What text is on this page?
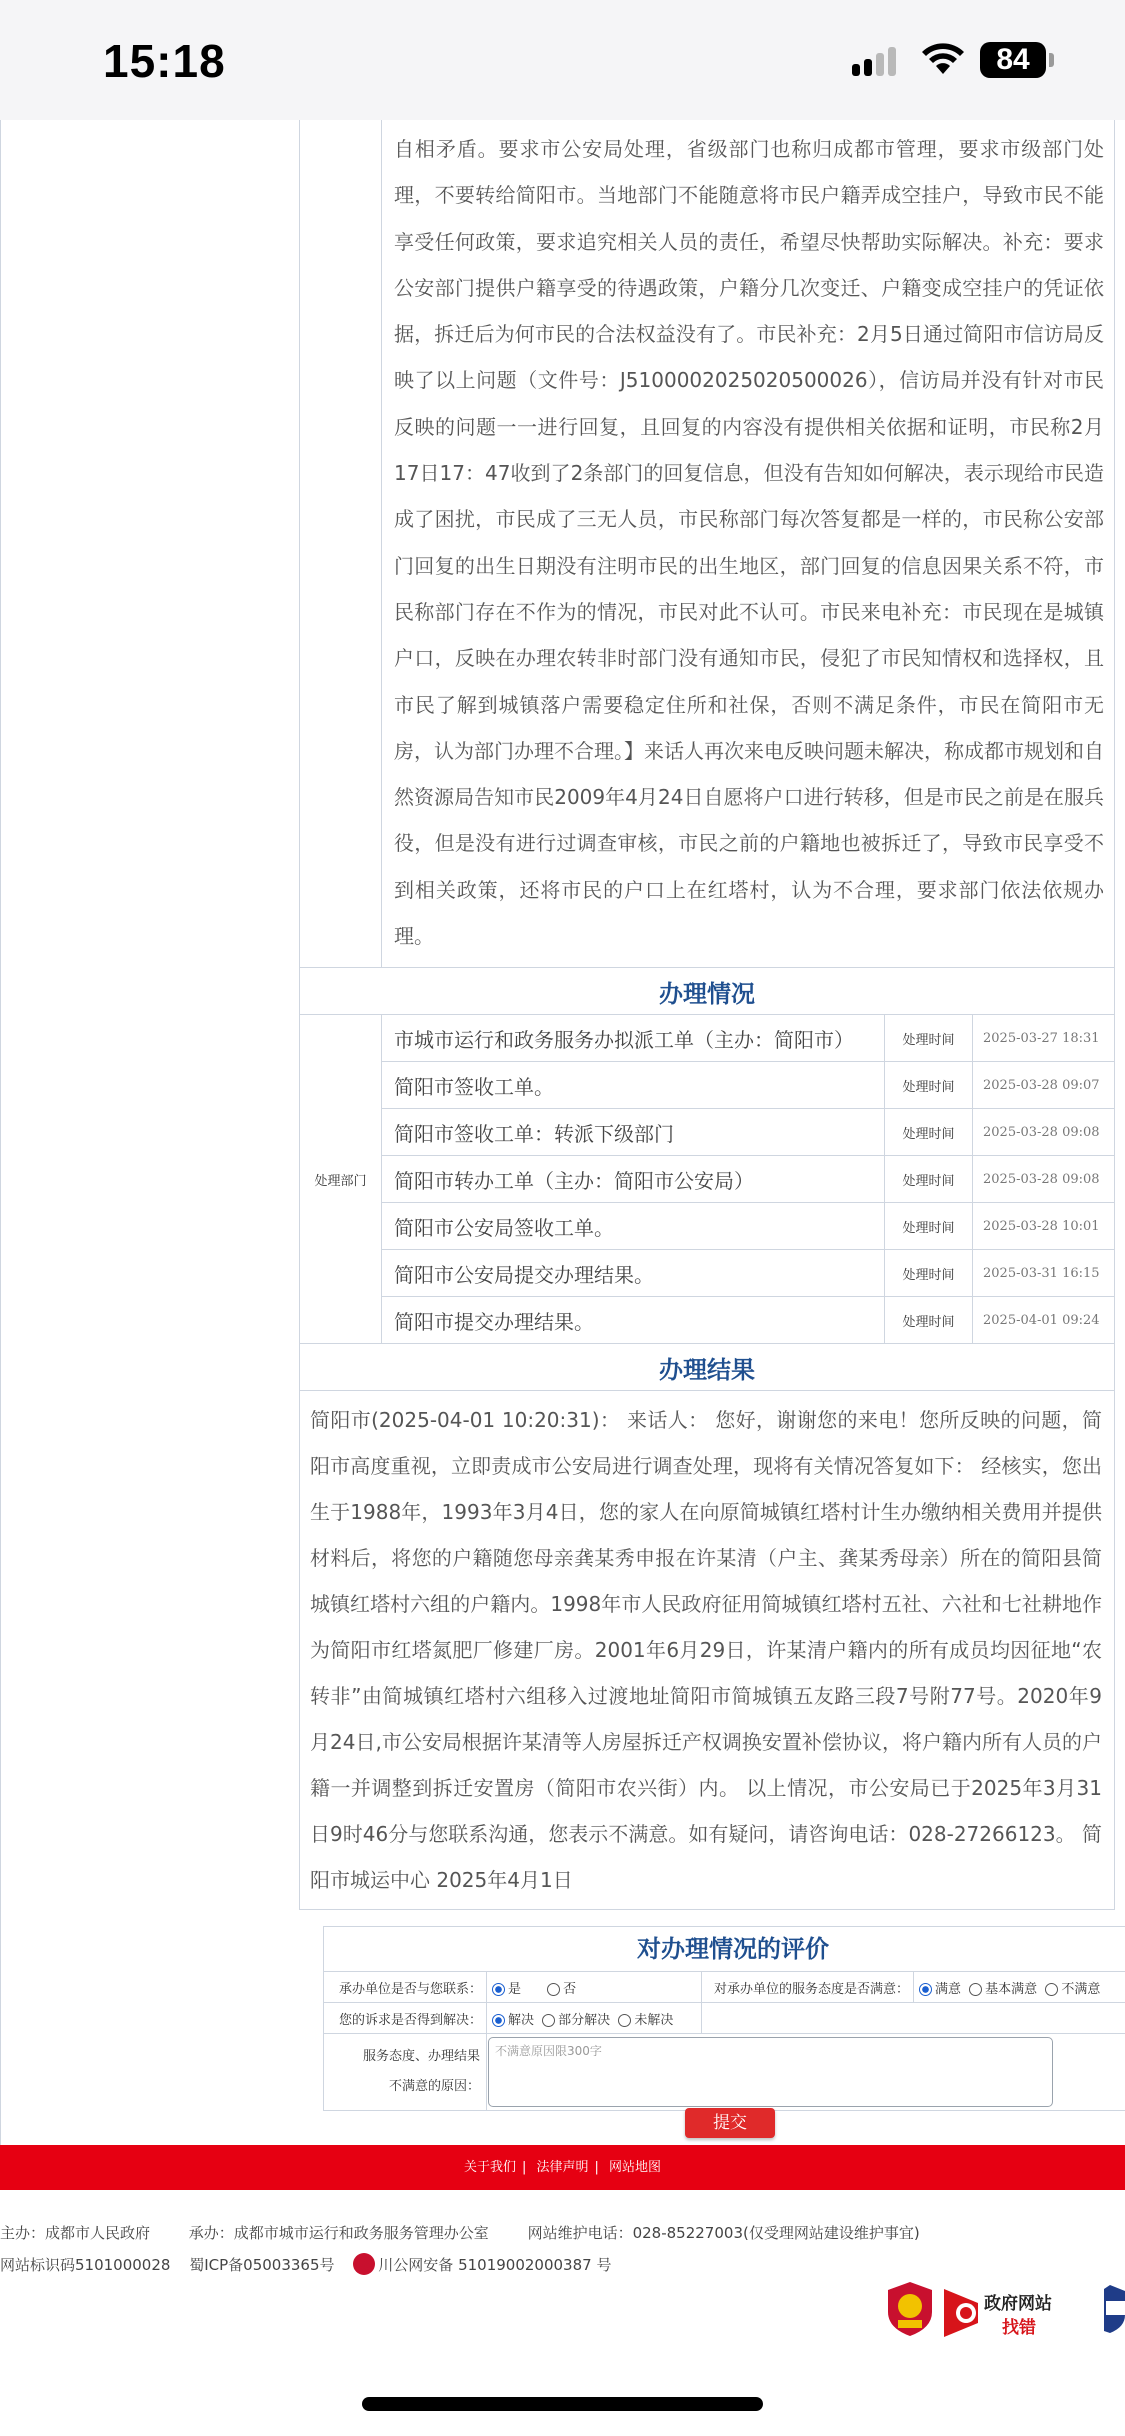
15:18	84
	自相矛盾。要求市公安局处理，省级部门也称归成都市管理，要求市级部门处理，不要转给简阳市。当地部门不能随意将市民户籍弄成空挂户，导致市民不能享受任何政策，要求追究相关人员的责任，希望尽快帮助实际解决。补充：要求公安部门提供户籍享受的待遇政策，户籍分几次变迁、户籍变成空挂户的凭证依据，拆迁后为何市民的合法权益没有了。市民补充：2月5日通过简阳市信访局反映了以上问题（文件号：J5100002025020500026），信访局并没有针对市民反映的问题一一进行回复，且回复的内容没有提供相关依据和证明，市民称2月17日17：47收到了2条部门的回复信息，但没有告知如何解决，表示现给市民造成了困扰，市民成了三无人员，市民称部门每次答复都是一样的，市民称公安部门回复的出生日期没有注明市民的出生地区，部门回复的信息因果关系不符，市民称部门存在不作为的情况，市民对此不认可。市民来电补充：市民现在是城镇户口，反映在办理农转非时部门没有通知市民，侵犯了市民知情权和选择权，且市民了解到城镇落户需要稳定住所和社保，否则不满足条件，市民在简阳市无房，认为部门办理不合理。】来话人再次来电反映问题未解决，称成都市规划和自然资源局告知市民2009年4月24日自愿将户口进行转移，但是市民之前是在服兵役，但是没有进行过调查审核，市民之前的户籍地也被拆迁了，导致市民享受不到相关政策，还将市民的户口上在红塔村，认为不合理，要求部门依法依规办理。		
办理情况			
处理部门	市城市运行和政务服务办拟派工单（主办：简阳市）	处理时间	2025-03-27 18:31
	简阳市签收工单。	处理时间	2025-03-28 09:07
	简阳市签收工单：转派下级部门	处理时间	2025-03-28 09:08
	简阳市转办工单（主办：简阳市公安局）	处理时间	2025-03-28 09:08
	简阳市公安局签收工单。	处理时间	2025-03-28 10:01
	简阳市公安局提交办理结果。	处理时间	2025-03-31 16:15
	简阳市提交办理结果。	处理时间	2025-04-01 09:24
办理结果			
简阳市(2025-04-01 10:20:31)： 来话人： 您好，谢谢您的来电！您所反映的问题，简阳市高度重视，立即责成市公安局进行调查处理，现将有关情况答复如下： 经核实，您出生于1988年，1993年3月4日，您的家人在向原简城镇红塔村计生办缴纳相关费用并提供材料后，将您的户籍随您母亲龚某秀申报在许某清（户主、龚某秀母亲）所在的简阳县简城镇红塔村六组的户籍内。1998年市人民政府征用简城镇红塔村五社、六社和七社耕地作为简阳市红塔氮肥厂修建厂房。2001年6月29日，许某清户籍内的所有成员均因征地“农转非”由简城镇红塔村六组移入过渡地址简阳市简城镇五友路三段7号附77号。2020年9月24日,市公安局根据许某清等人房屋拆迁产权调换安置补偿协议，将户籍内所有人员的户籍一并调整到拆迁安置房（简阳市农兴街）内。 以上情况，市公安局已于2025年3月31日9时46分与您联系沟通，您表示不满意。如有疑问，请咨询电话：028-27266123。 简阳市城运中心 2025年4月1日			
对办理情况的评价
承办单位是否与您联系：	是 否	对承办单位的服务态度是否满意：	满意 基本满意 不满意
您的诉求是否得到解决：	解决 部分解决 未解决		

服务态度、办理结果
不满意的原因：	不满意原因限300字		
提交
关于我们 | 法律声明 | 网站地图
主办：成都市人民政府	承办：成都市城市运行和政务服务管理办公室	网站维护电话：028-85227003(仅受理网站建设维护事宜)
网站标识码5101000028 蜀ICP备05003365号	川公网安备 51019002000387 号
政府网站
找错
